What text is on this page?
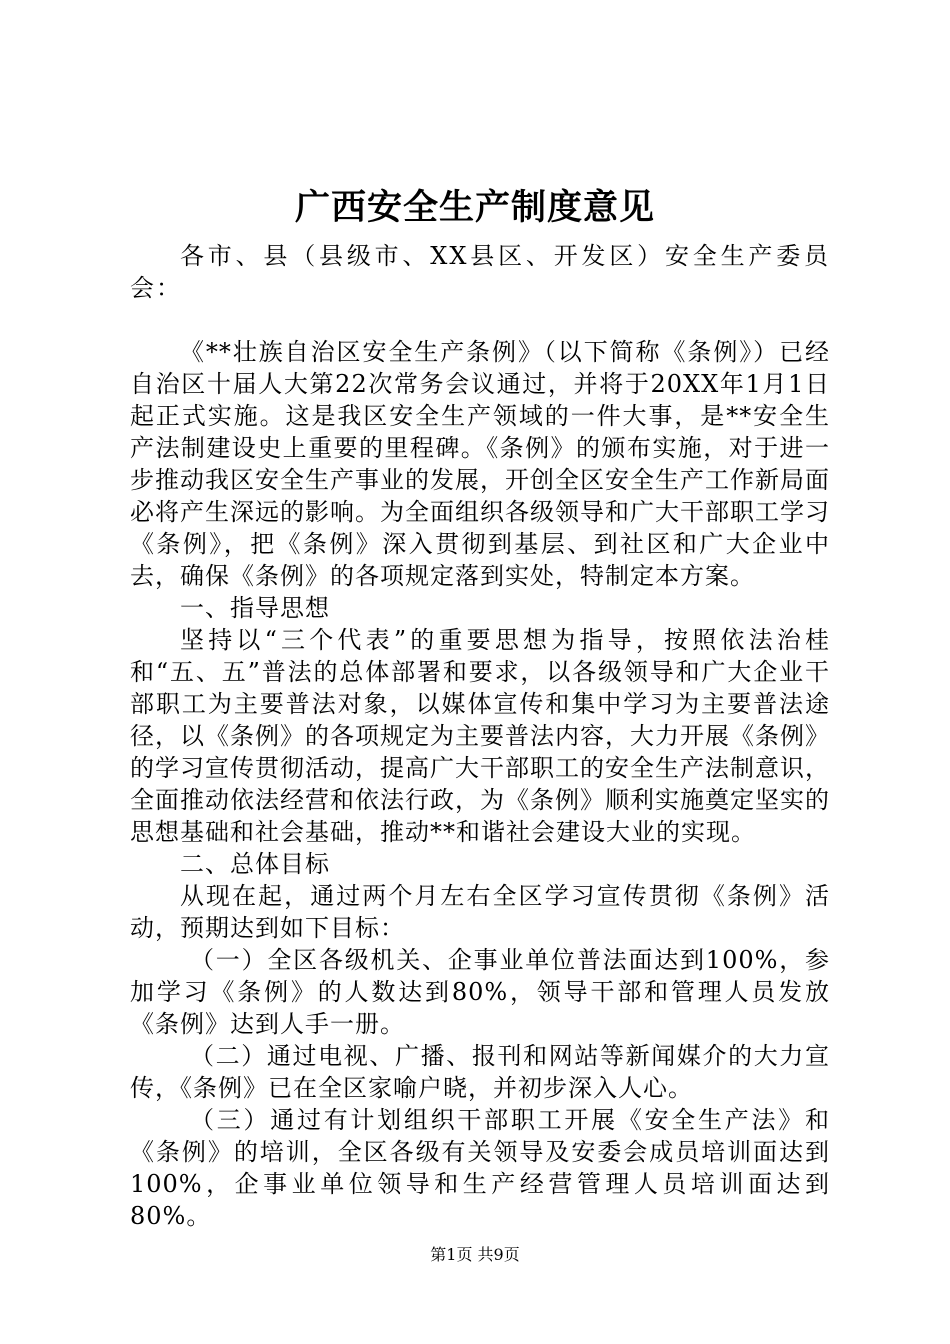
广西安全生产制度意见

各市、县（县级市、XX县区、开发区）安全生产委员会：

《**壮族自治区安全生产条例》（以下简称《条例》）已经自治区十届人大第22次常务会议通过，并将于20XX年1月1日起正式实施。这是我区安全生产领域的一件大事，是**安全生产法制建设史上重要的里程碑。《条例》的颁布实施，对于进一步推动我区安全生产事业的发展，开创全区安全生产工作新局面必将产生深远的影响。为全面组织各级领导和广大干部职工学习《条例》，把《条例》深入贯彻到基层、到社区和广大企业中去，确保《条例》的各项规定落到实处，特制定本方案。

一、指导思想

坚持以“三个代表”的重要思想为指导，按照依法治桂和“五、五”普法的总体部署和要求，以各级领导和广大企业干部职工为主要普法对象，以媒体宣传和集中学习为主要普法途径，以《条例》的各项规定为主要普法内容，大力开展《条例》的学习宣传贯彻活动，提高广大干部职工的安全生产法制意识，全面推动依法经营和依法行政，为《条例》顺利实施奠定坚实的思想基础和社会基础，推动**和谐社会建设大业的实现。

二、总体目标

从现在起，通过两个月左右全区学习宣传贯彻《条例》活动，预期达到如下目标：

（一）全区各级机关、企事业单位普法面达到100%，参加学习《条例》的人数达到80%，领导干部和管理人员发放《条例》达到人手一册。

（二）通过电视、广播、报刊和网站等新闻媒介的大力宣传，《条例》已在全区家喻户晓，并初步深入人心。

（三）通过有计划组织干部职工开展《安全生产法》和《条例》的培训，全区各级有关领导及安委会成员培训面达到100%，企事业单位领导和生产经营管理人员培训面达到80%。

第1页 共9页
